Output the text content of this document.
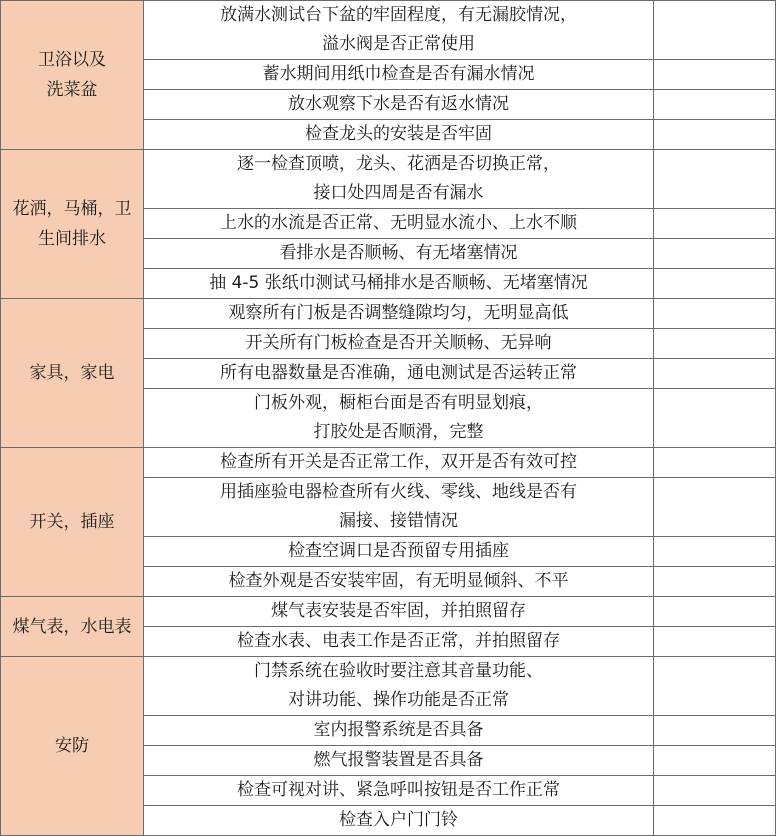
卫浴以及
洗菜盆	放满水测试台下盆的牢固程度，有无漏胶情况，
溢水阀是否正常使用	

	蓄水期间用纸巾检查是否有漏水情况	

	放水观察下水是否有返水情况	

	检查龙头的安装是否牢固	

花洒，马桶，卫
生间排水	逐一检查顶喷，龙头、花洒是否切换正常，
接口处四周是否有漏水	

	上水的水流是否正常、无明显水流小、上水不顺	

	看排水是否顺畅、有无堵塞情况	

	抽 4-5 张纸巾测试马桶排水是否顺畅、无堵塞情况	

家具，家电	观察所有门板是否调整缝隙均匀，无明显高低	

	开关所有门板检查是否开关顺畅、无异响	

	所有电器数量是否准确，通电测试是否运转正常	

	门板外观，橱柜台面是否有明显划痕，
打胶处是否顺滑，完整	

开关，插座	检查所有开关是否正常工作，双开是否有效可控	

	用插座验电器检查所有火线、零线、地线是否有
漏接、接错情况	

	检查空调口是否预留专用插座	

	检查外观是否安装牢固，有无明显倾斜、不平	

煤气表，水电表	煤气表安装是否牢固，并拍照留存	

	检查水表、电表工作是否正常，并拍照留存	

安防	门禁系统在验收时要注意其音量功能、
对讲功能、操作功能是否正常	

	室内报警系统是否具备	

	燃气报警装置是否具备	

	检查可视对讲、紧急呼叫按钮是否工作正常	

	检查入户门门铃	
